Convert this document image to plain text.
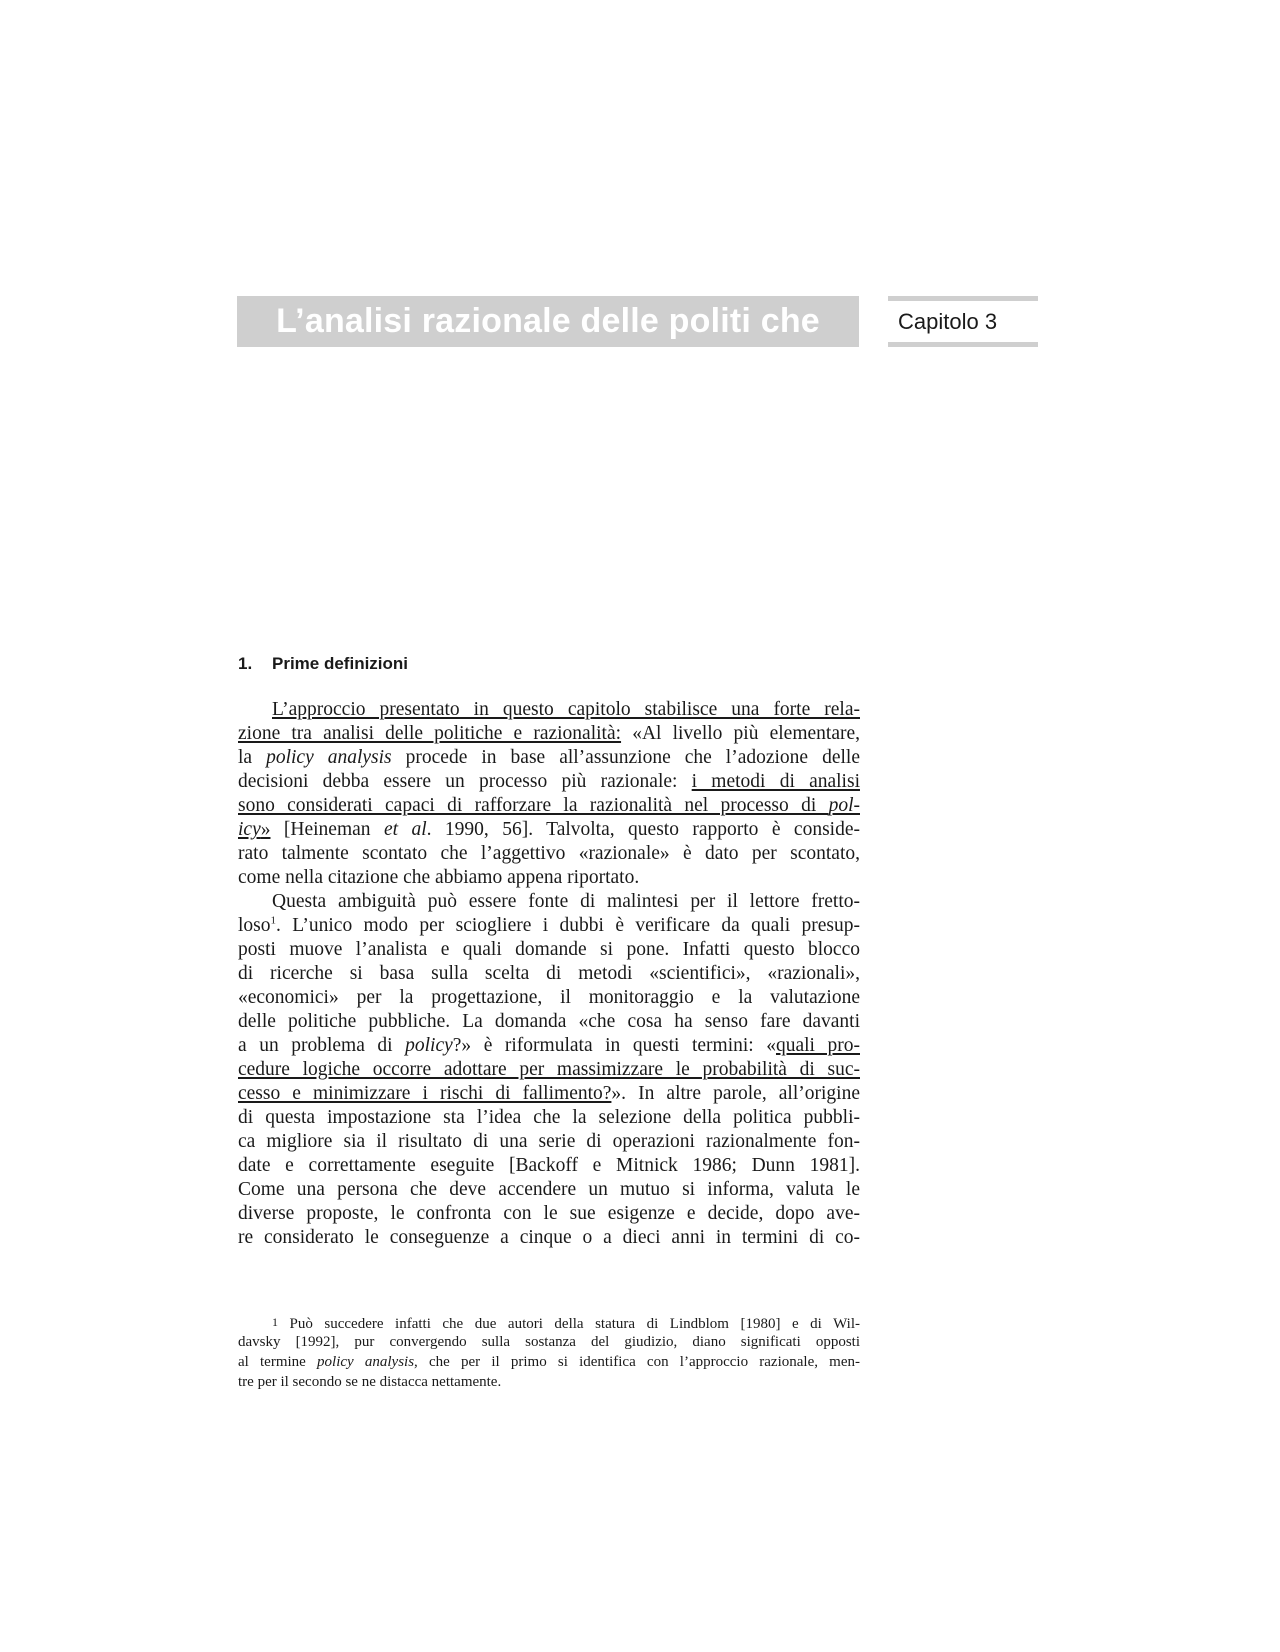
L’analisi razionale delle politi che	Capitolo 3
1. Prime definizioni
L’approccio presentato in questo capitolo stabilisce una forte rela-
zione tra analisi delle politiche e razionalità: «Al livello più elementare,
la policy analysis procede in base all’assunzione che l’adozione delle
decisioni debba essere un processo più razionale: i metodi di analisi
sono considerati capaci di rafforzare la razionalità nel processo di pol-
icy» [Heineman et al. 1990, 56]. Talvolta, questo rapporto è conside-
rato talmente scontato che l’aggettivo «razionale» è dato per scontato,
come nella citazione che abbiamo appena riportato.
Questa ambiguità può essere fonte di malintesi per il lettore fretto-
loso$^1$. L’unico modo per sciogliere i dubbi è verificare da quali presup-
posti muove l’analista e quali domande si pone. Infatti questo blocco
di ricerche si basa sulla scelta di metodi «scientifici», «razionali»,
«economici» per la progettazione, il monitoraggio e la valutazione
delle politiche pubbliche. La domanda «che cosa ha senso fare davanti
a un problema di policy?» è riformulata in questi termini: «quali pro-
cedure logiche occorre adottare per massimizzare le probabilità di suc-
cesso e minimizzare i rischi di fallimento?». In altre parole, all’origine
di questa impostazione sta l’idea che la selezione della politica pubbli-
ca migliore sia il risultato di una serie di operazioni razionalmente fon-
date e correttamente eseguite [Backoff e Mitnick 1986; Dunn 1981].
Come una persona che deve accendere un mutuo si informa, valuta le
diverse proposte, le confronta con le sue esigenze e decide, dopo ave-
re considerato le conseguenze a cinque o a dieci anni in termini di co-
1 Può succedere infatti che due autori della statura di Lindblom [1980] e di Wil-
davsky [1992], pur convergendo sulla sostanza del giudizio, diano significati opposti
al termine policy analysis, che per il primo si identifica con l’approccio razionale, men-
tre per il secondo se ne distacca nettamente.
